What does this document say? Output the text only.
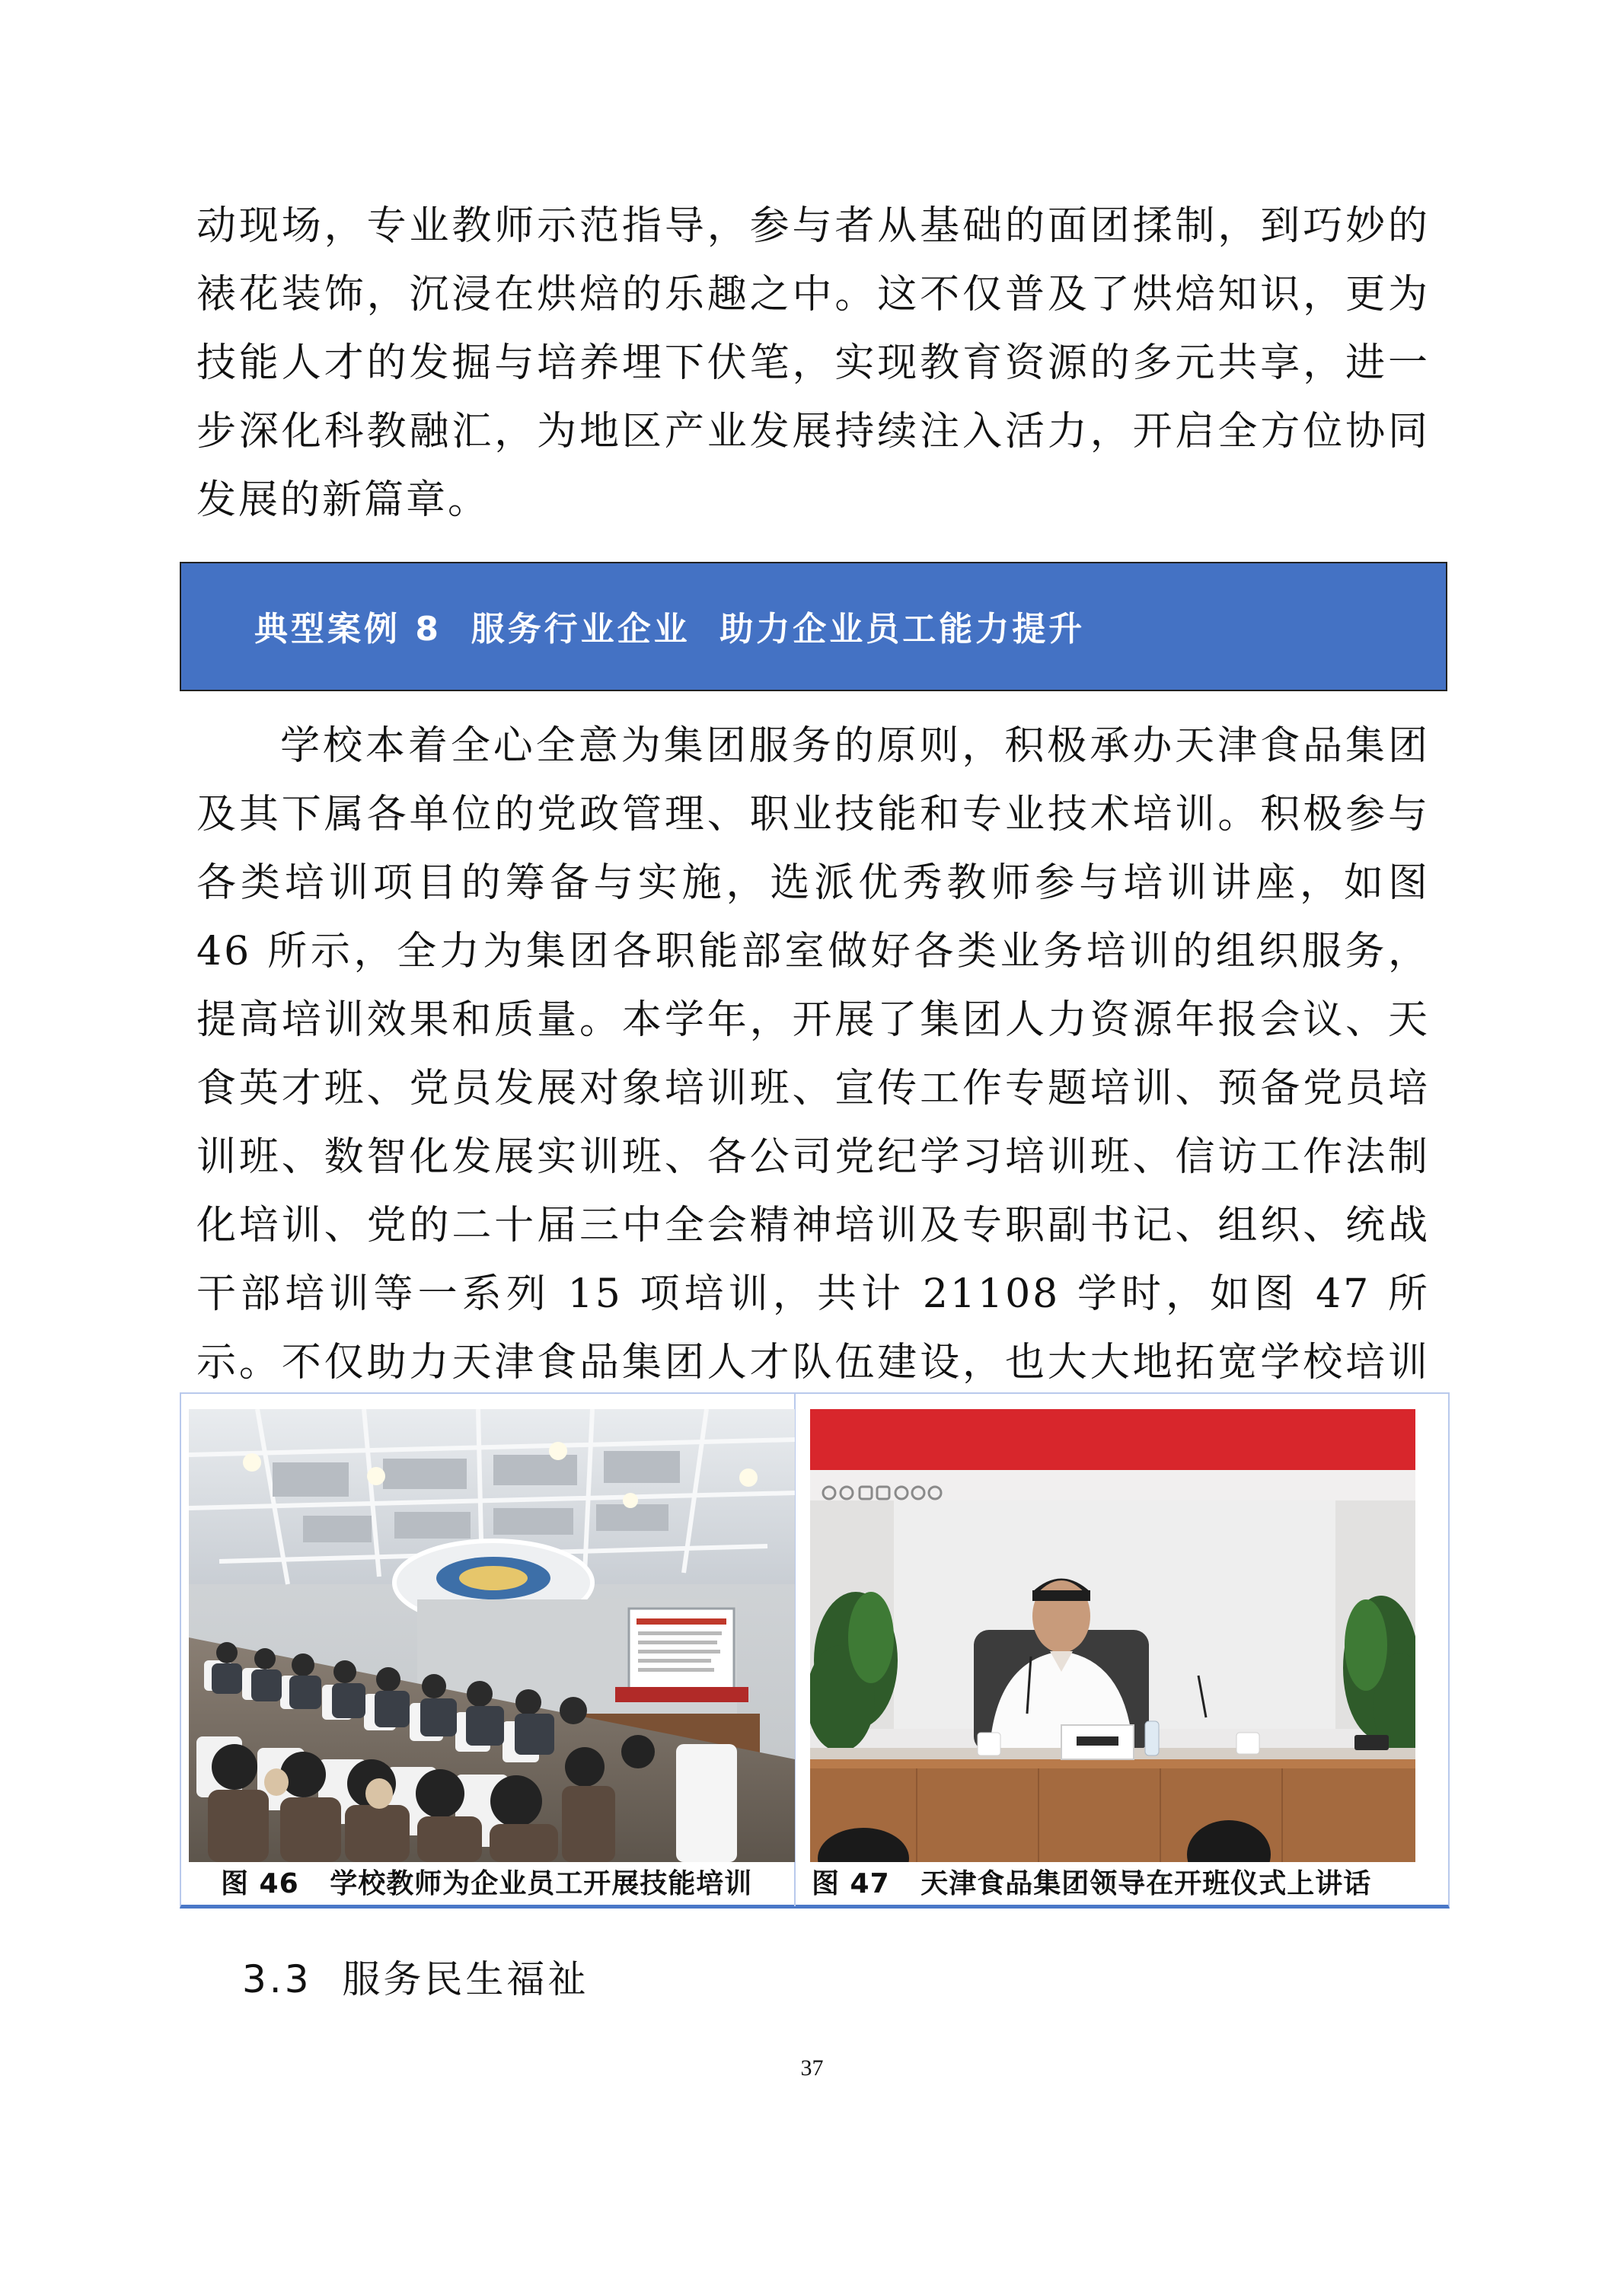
动现场，专业教师示范指导，参与者从基础的面团揉制，到巧妙的裱花装饰，沉浸在烘焙的乐趣之中。这不仅普及了烘焙知识，更为技能人才的发掘与培养埋下伏笔，实现教育资源的多元共享，进一步深化科教融汇，为地区产业发展持续注入活力，开启全方位协同发展的新篇章。

典型案例 8  服务行业企业  助力企业员工能力提升

学校本着全心全意为集团服务的原则，积极承办天津食品集团及其下属各单位的党政管理、职业技能和专业技术培训。积极参与各类培训项目的筹备与实施，选派优秀教师参与培训讲座，如图 46 所示，全力为集团各职能部室做好各类业务培训的组织服务，提高培训效果和质量。本学年，开展了集团人力资源年报会议、天食英才班、党员发展对象培训班、宣传工作专题培训、预备党员培训班、数智化发展实训班、各公司党纪学习培训班、信访工作法制化培训、党的二十届三中全会精神培训及专职副书记、组织、统战干部培训等一系列 15 项培训，共计 21108 学时，如图 47 所示。不仅助力天津食品集团人才队伍建设，也大大地拓宽学校培训

图 46   学校教师为企业员工开展技能培训 图 47   天津食品集团领导在开班仪式上讲话
3.3 服务民生福祉
37
